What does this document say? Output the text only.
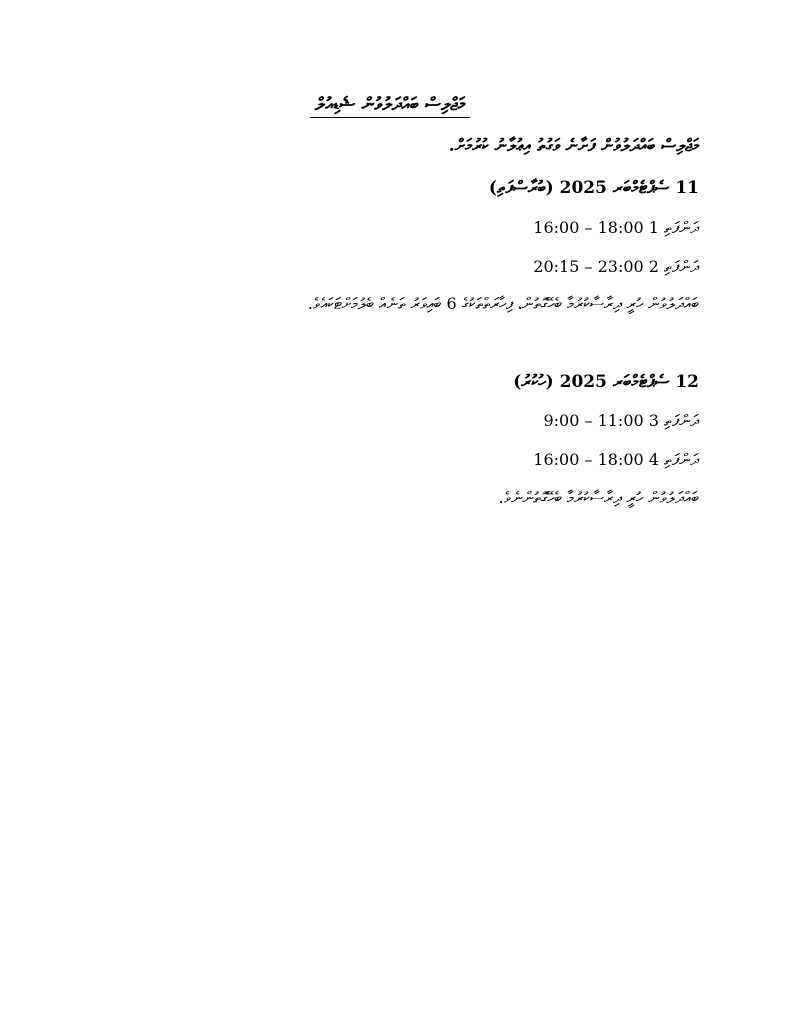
މަޖްލިސް ބައްދަލުވުން ޝެޑިއުލް
މަޖްލިސް ބައްދަލުވުން ފަށާނެ ވަގުތު އިޢުލާނު ކުރުމަށް.
11 ސެޕްޓެމްބަރ 2025 (ބުރާސްފަތި)
ދަންފަތި 1 16:00 – 18:00
ދަންފަތި 2 20:15 – 23:00
ބައްދަލުވުން ހުރީ ދިރާސާކުރުމާ ބެހޭގޮތުން، ފިހާރަތްތަކުގެ 6 ބައިވަރު ތަނެއް ބެލުމަށްޓަކައެވެ.
12 ސެޕްޓެމްބަރ 2025 (ހުކުރު)
ދަންފަތި 3 9:00 – 11:00
ދަންފަތި 4 16:00 – 18:00
ބައްދަލުވުން ހުރީ ދިރާސާކުރުމާ ބެހޭގޮތުންނެވެ.
